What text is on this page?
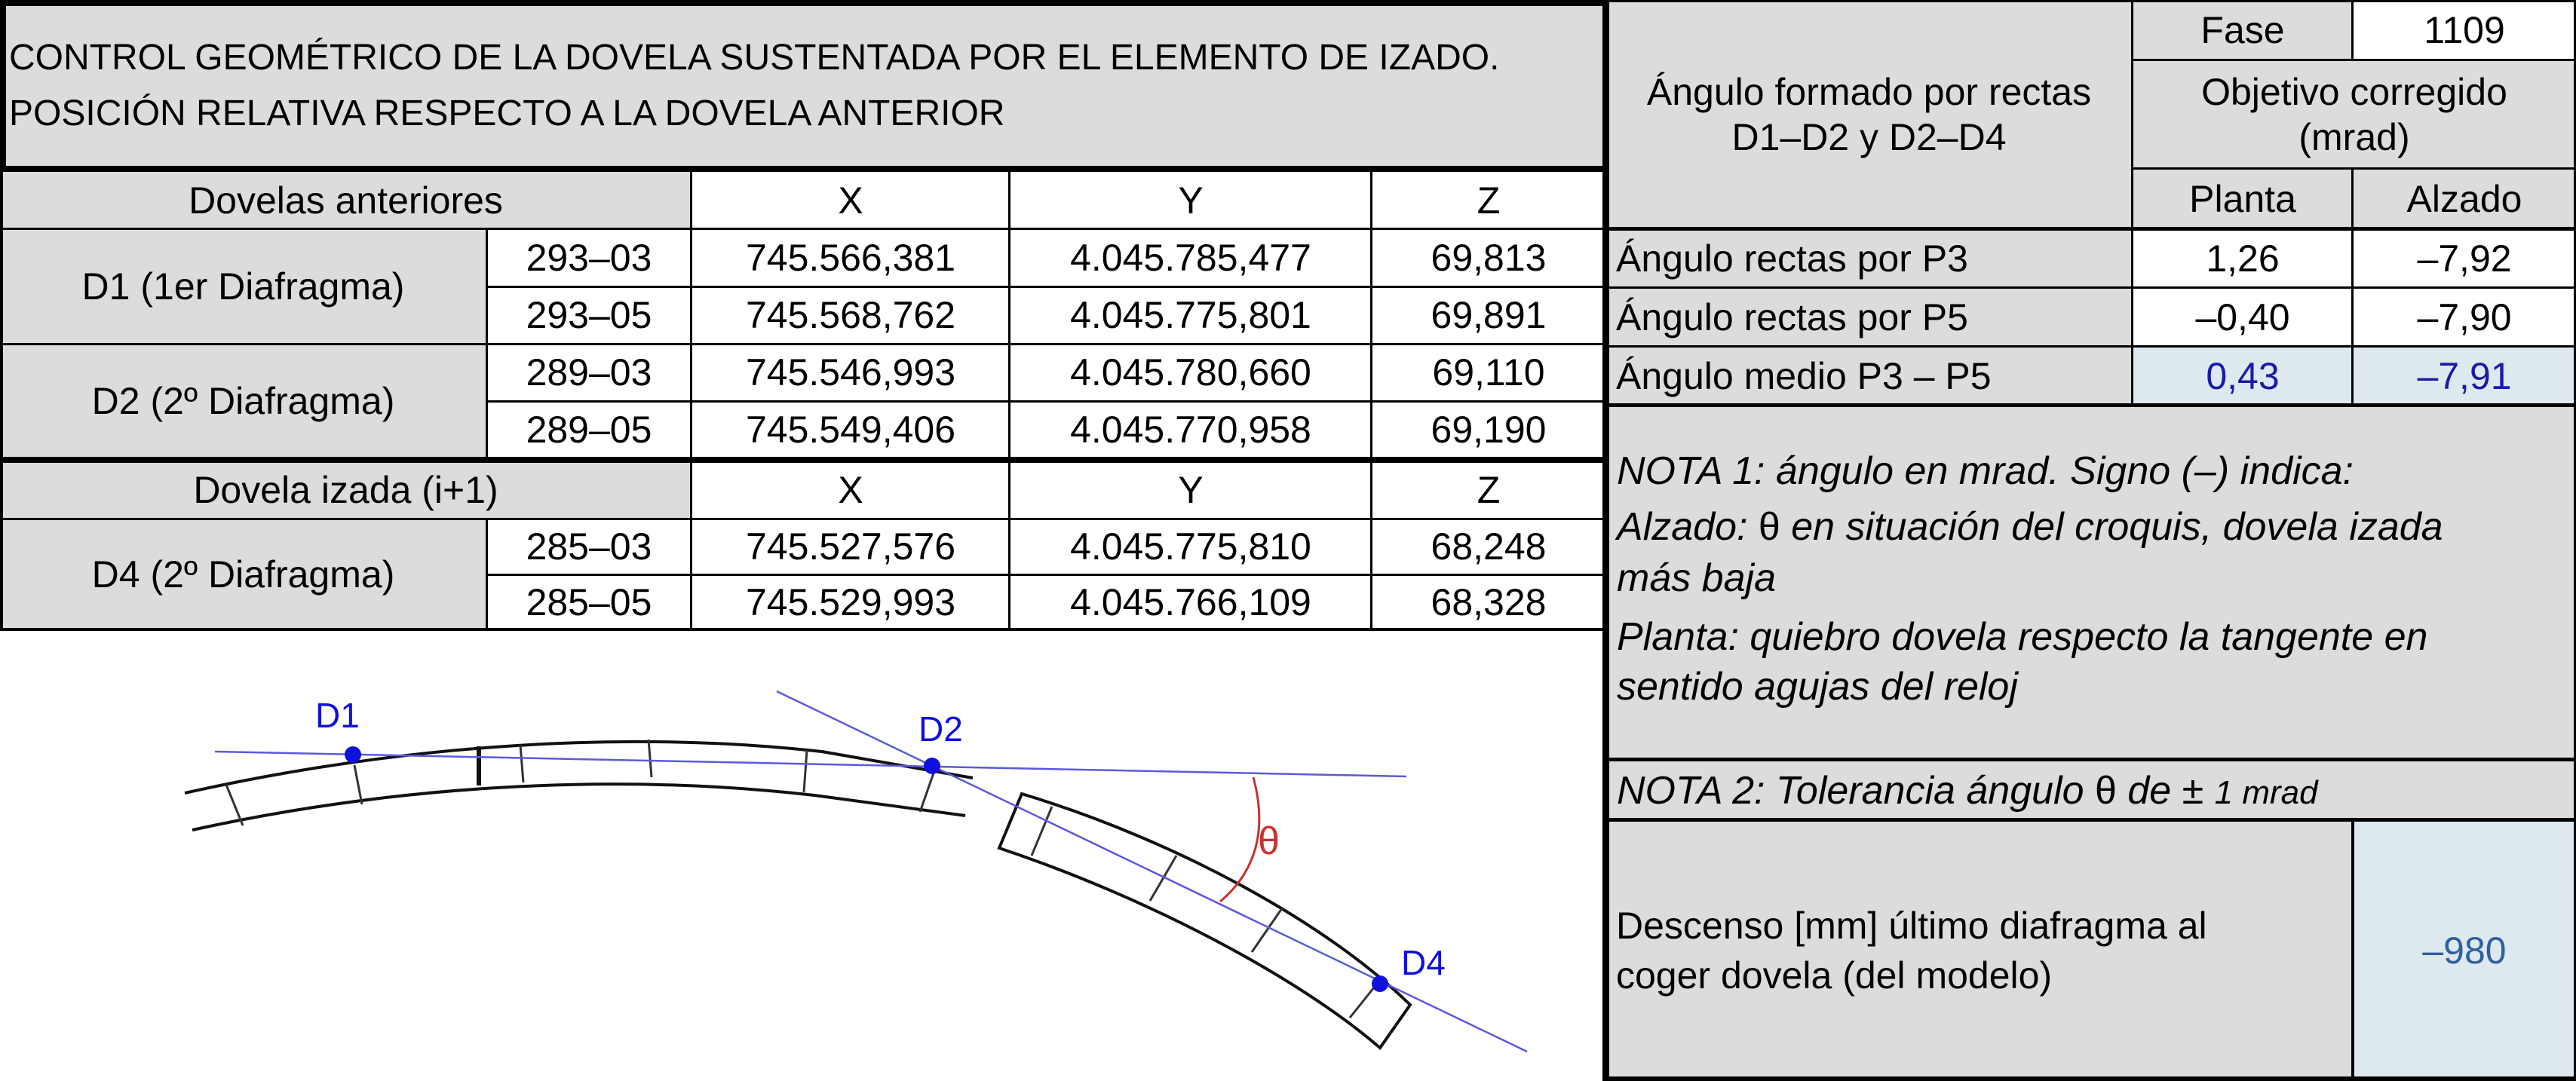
CONTROL GEOMÉTRICO DE LA DOVELA SUSTENTADA POR EL ELEMENTO DE IZADO.
POSICIÓN RELATIVA RESPECTO A LA DOVELA ANTERIOR
Dovelas anteriores	X	Y	Z
D1 (1er Diafragma)
293–03	745.566,381	4.045.785,477	69,813
293–05	745.568,762	4.045.775,801	69,891
D2 (2º Diafragma)
289–03	745.546,993	4.045.780,660	69,110
289–05	745.549,406	4.045.770,958	69,190
Dovela izada (i+1)	X	Y	Z
D4 (2º Diafragma)
285–03	745.527,576	4.045.775,810	68,248
285–05	745.529,993	4.045.766,109	68,328
D1	D2
D4
θ
Ángulo formado por rectas
D1–D2 y D2–D4
Fase	1109
Objetivo corregido
(mrad)
Planta	Alzado
Ángulo rectas por P3	1,26	–7,92
Ángulo rectas por P5	–0,40	–7,90
Ángulo medio P3 – P5	0,43	–7,91
NOTA 1: ángulo en mrad. Signo (–) indica:
Alzado: θ en situación del croquis, dovela izada
más baja
Planta: quiebro dovela respecto la tangente en
sentido agujas del reloj
NOTA 2: Tolerancia ángulo θ de ± 1 mrad
Descenso [mm] último diafragma al
coger dovela (del modelo)
–980
